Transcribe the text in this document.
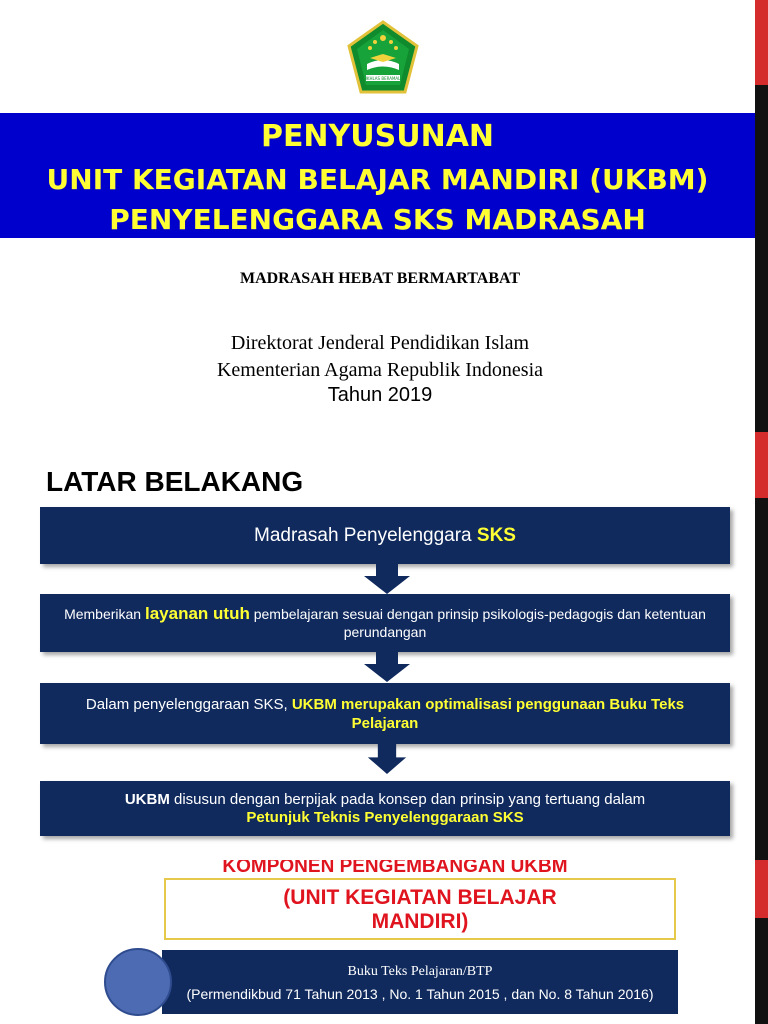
IKHLAS BERAMAL
PENYUSUNAN
UNIT KEGIATAN BELAJAR MANDIRI (UKBM)
PENYELENGGARA SKS MADRASAH
MADRASAH HEBAT BERMARTABAT
Direktorat Jenderal Pendidikan Islam
Kementerian Agama Republik Indonesia
Tahun 2019
LATAR BELAKANG
Madrasah Penyelenggara SKS
Memberikan layanan utuh pembelajaran sesuai dengan prinsip psikologis-pedagogis dan ketentuan perundangan
Dalam penyelenggaraan SKS, UKBM merupakan optimalisasi penggunaan Buku Teks Pelajaran
UKBM disusun dengan berpijak pada konsep dan prinsip yang tertuang dalam
Petunjuk Teknis Penyelenggaraan SKS
KOMPONEN PENGEMBANGAN UKBM
(UNIT KEGIATAN BELAJAR
MANDIRI)
Buku Teks Pelajaran/BTP
(Permendikbud 71 Tahun 2013 , No. 1 Tahun 2015 , dan No. 8 Tahun 2016)
